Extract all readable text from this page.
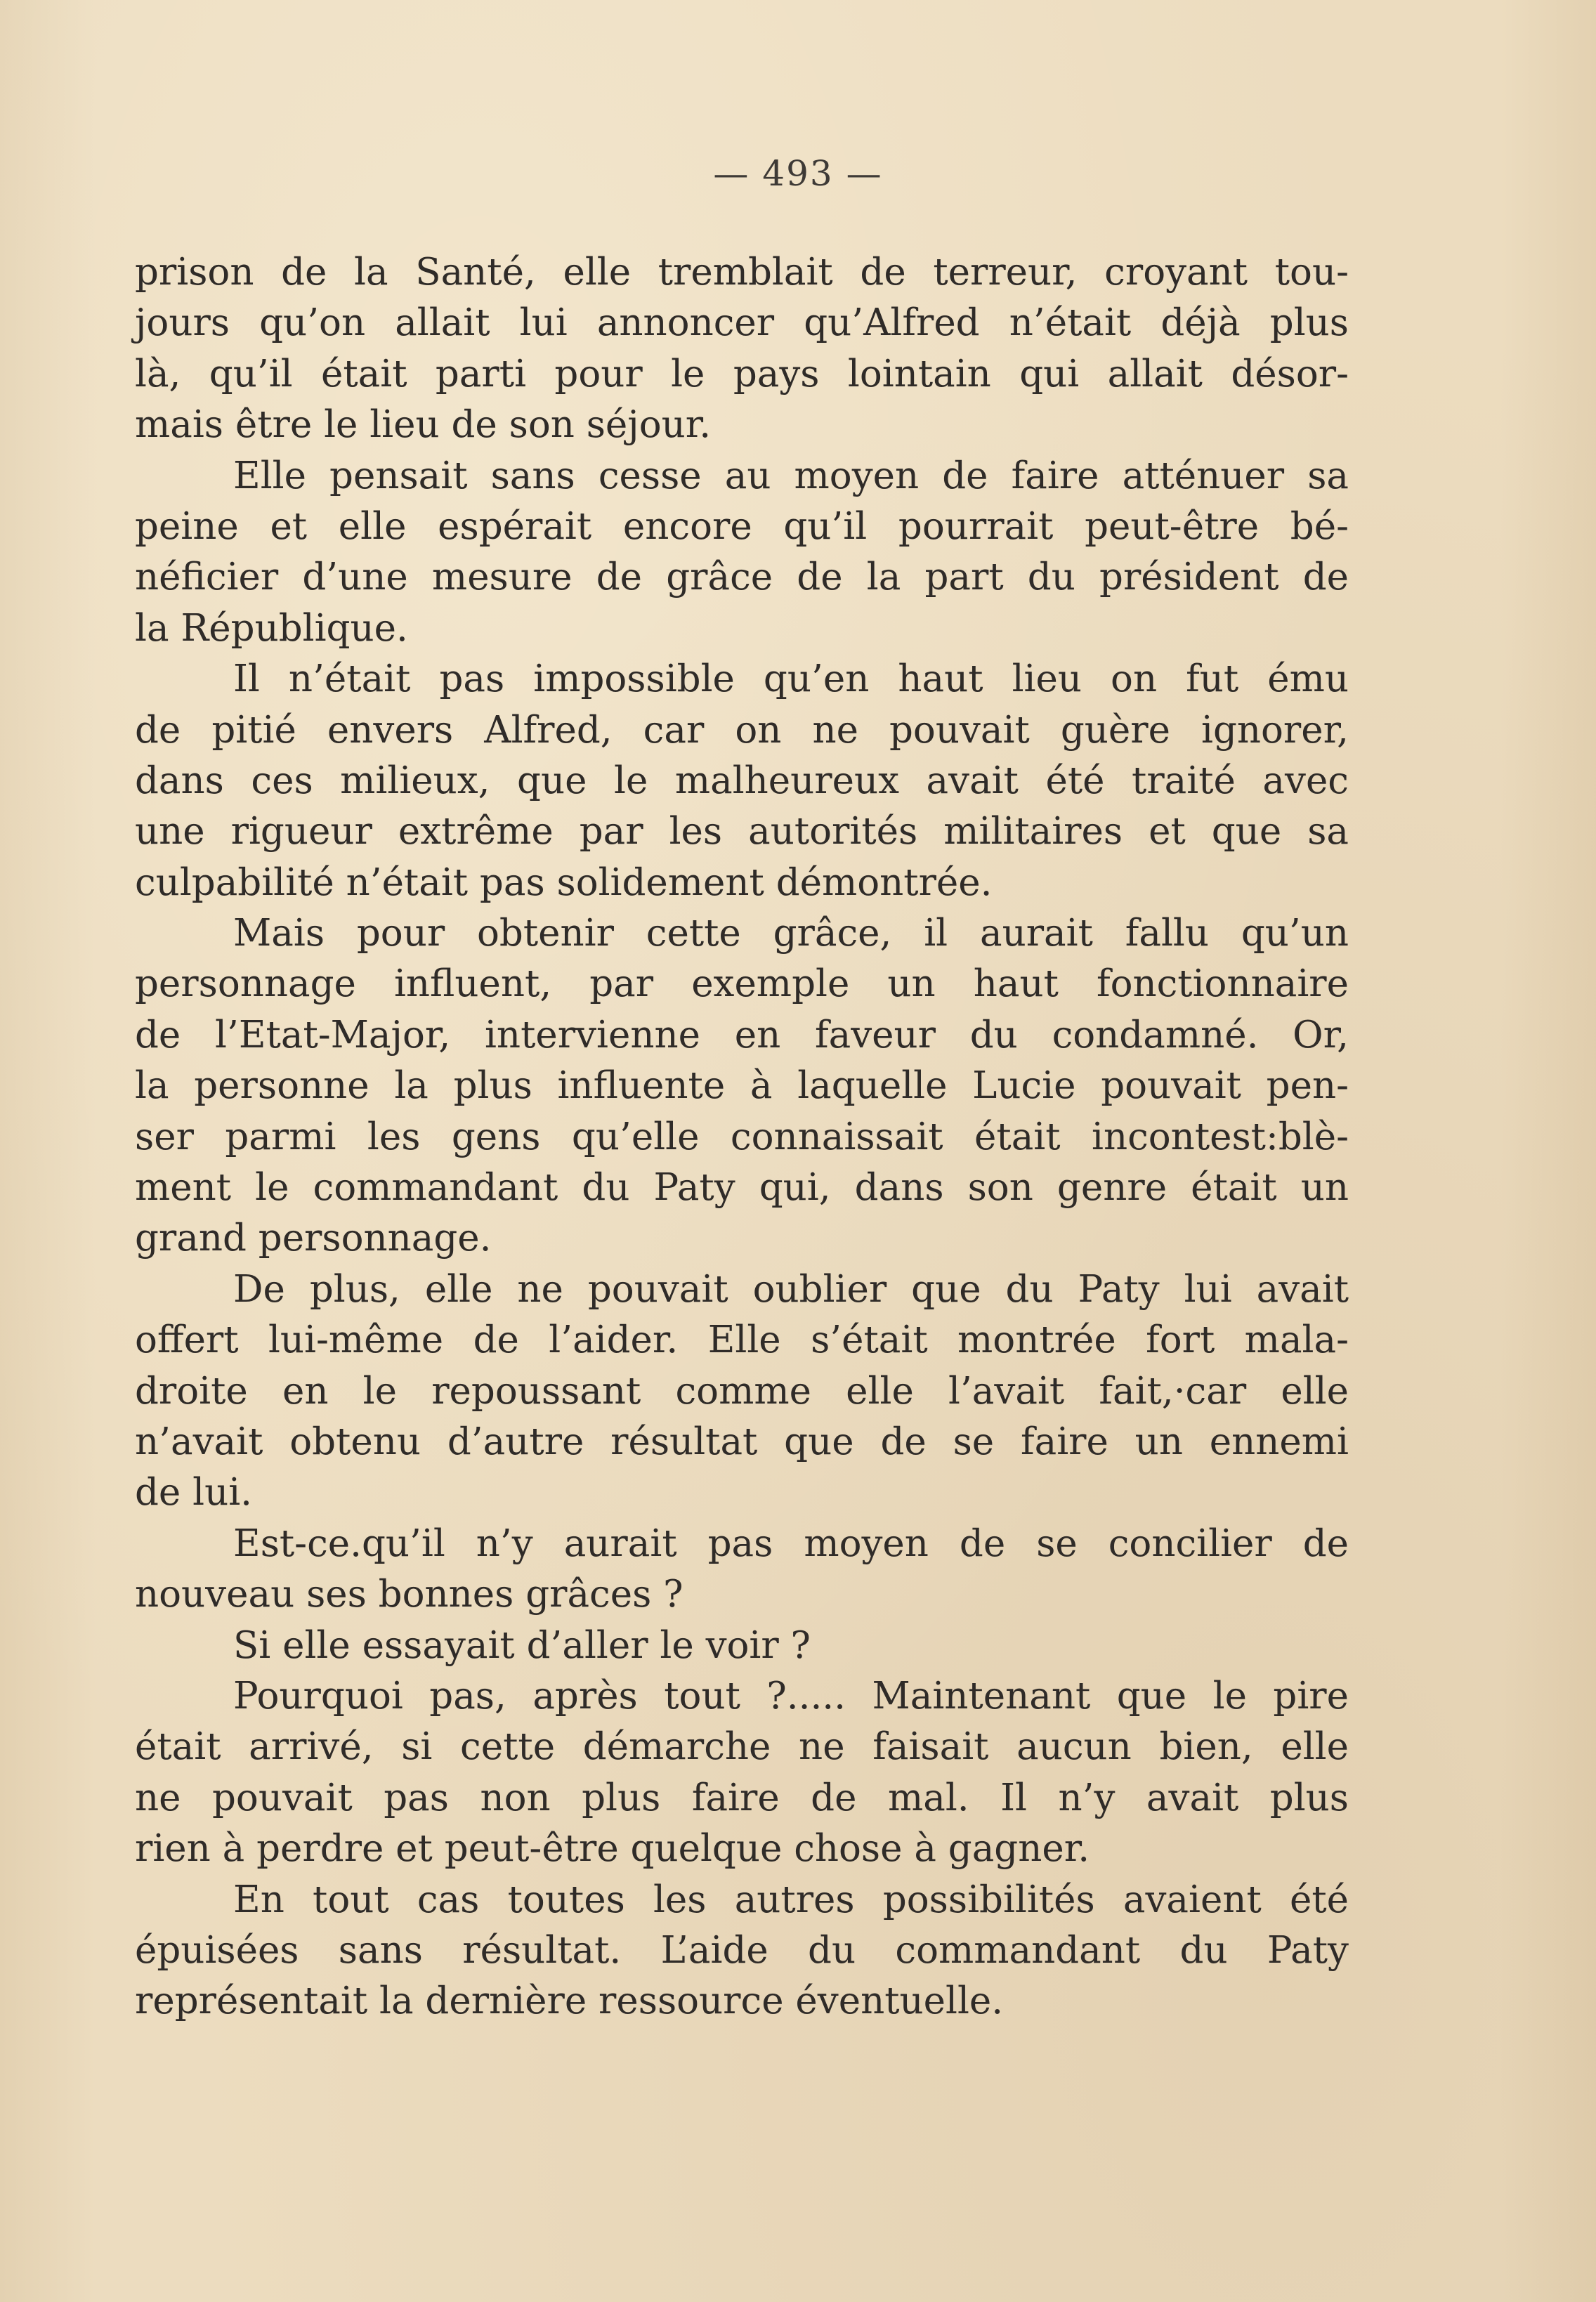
— 493 —
prison de la Santé, elle tremblait de terreur, croyant tou-
jours qu’on allait lui annoncer qu’Alfred n’était déjà plus
là, qu’il était parti pour le pays lointain qui allait désor-
mais être le lieu de son séjour.
Elle pensait sans cesse au moyen de faire atténuer sa
peine et elle espérait encore qu’il pourrait peut-être bé-
néficier d’une mesure de grâce de la part du président de
la République.
Il n’était pas impossible qu’en haut lieu on fut ému
de pitié envers Alfred, car on ne pouvait guère ignorer,
dans ces milieux, que le malheureux avait été traité avec
une rigueur extrême par les autorités militaires et que sa
culpabilité n’était pas solidement démontrée.
Mais pour obtenir cette grâce, il aurait fallu qu’un
personnage influent, par exemple un haut fonctionnaire
de l’Etat-Major, intervienne en faveur du condamné. Or,
la personne la plus influente à laquelle Lucie pouvait pen-
ser parmi les gens qu’elle connaissait était incontest:blè-
ment le commandant du Paty qui, dans son genre était un
grand personnage.
De plus, elle ne pouvait oublier que du Paty lui avait
offert lui-même de l’aider. Elle s’était montrée fort mala-
droite en le repoussant comme elle l’avait fait,·car elle
n’avait obtenu d’autre résultat que de se faire un ennemi
de lui.
Est-ce.qu’il n’y aurait pas moyen de se concilier de
nouveau ses bonnes grâces ?
Si elle essayait d’aller le voir ?
Pourquoi pas, après tout ?..... Maintenant que le pire
était arrivé, si cette démarche ne faisait aucun bien, elle
ne pouvait pas non plus faire de mal. Il n’y avait plus
rien à perdre et peut-être quelque chose à gagner.
En tout cas toutes les autres possibilités avaient été
épuisées sans résultat. L’aide du commandant du Paty
représentait la dernière ressource éventuelle.
